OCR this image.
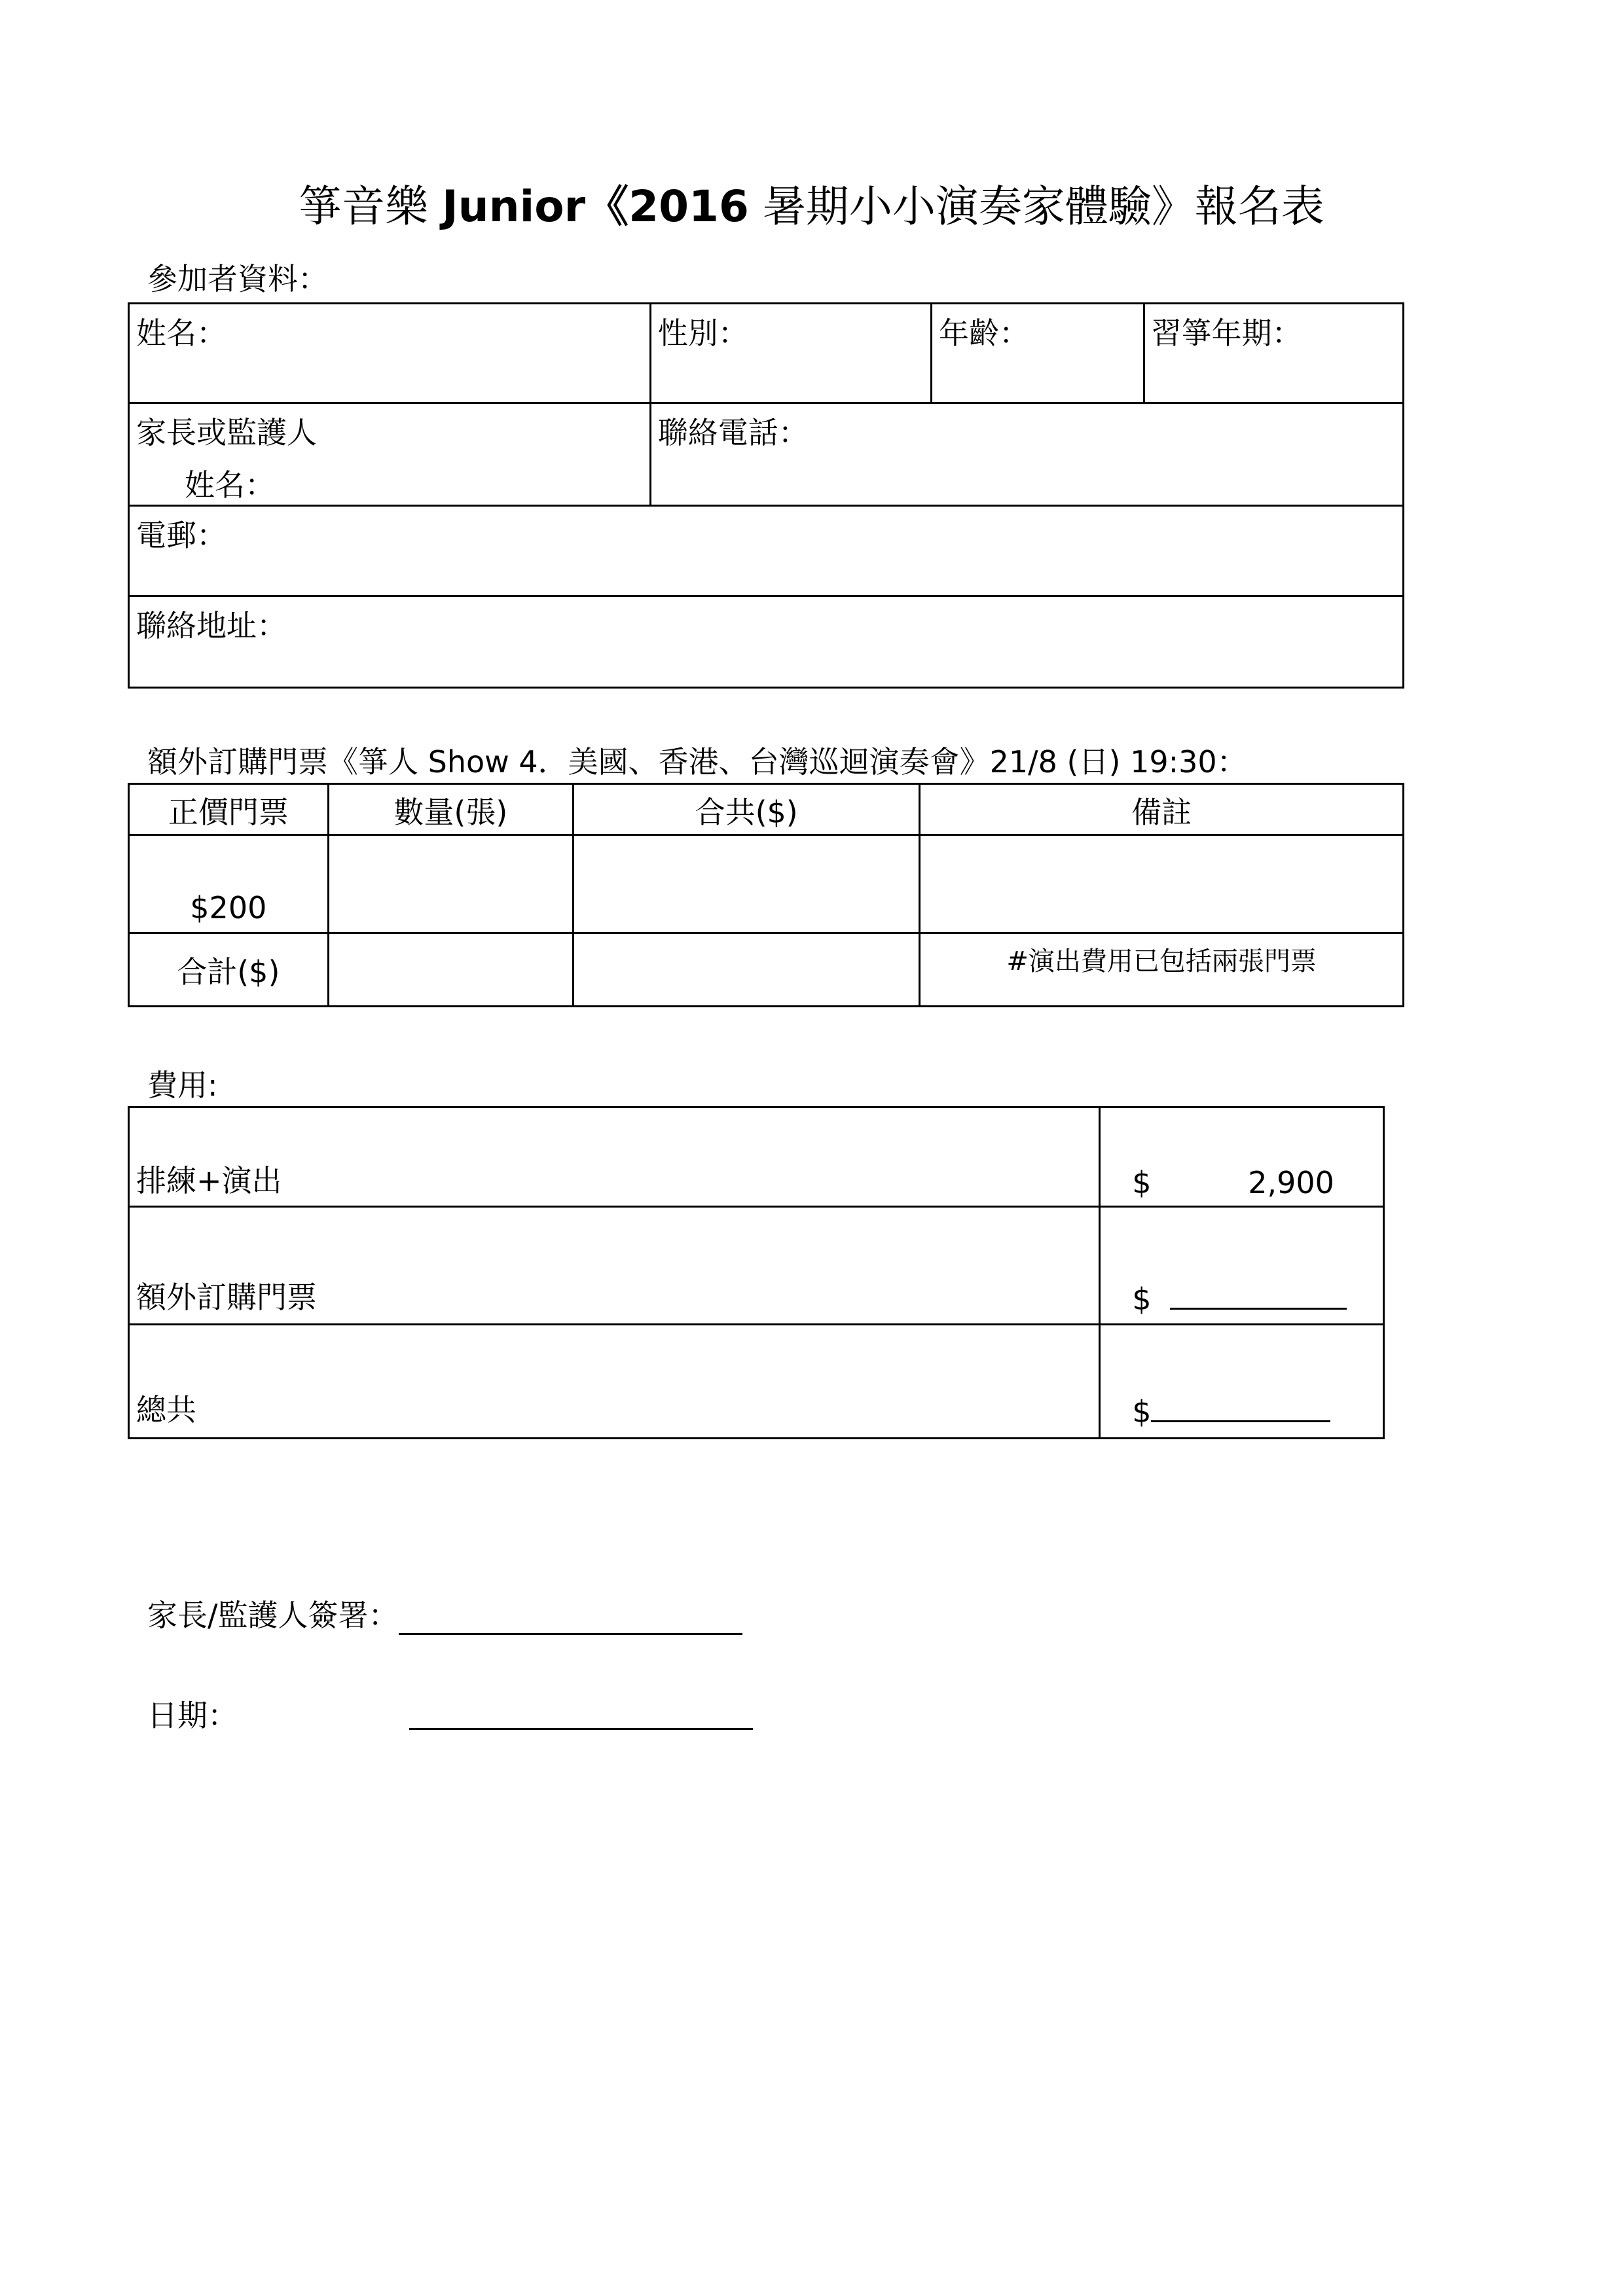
箏音樂 Junior《2016 暑期小小演奏家體驗》報名表
參加者資料：
姓名：	性別：	年齡：	習箏年期：

家長或監護人
姓名：	聯絡電話：		

電郵：			

聯絡地址：			
額外訂購門票《箏人 Show 4．美國、香港、台灣巡迴演奏會》21/8 (日) 19:30：
正價門票	數量(張)	合共($)	備註

$200			

合計($)			#演出費用已包括兩張門票
費用:
排練+演出	$ 2,900

額外訂購門票	$

總共	$
家長/監護人簽署：
日期：
